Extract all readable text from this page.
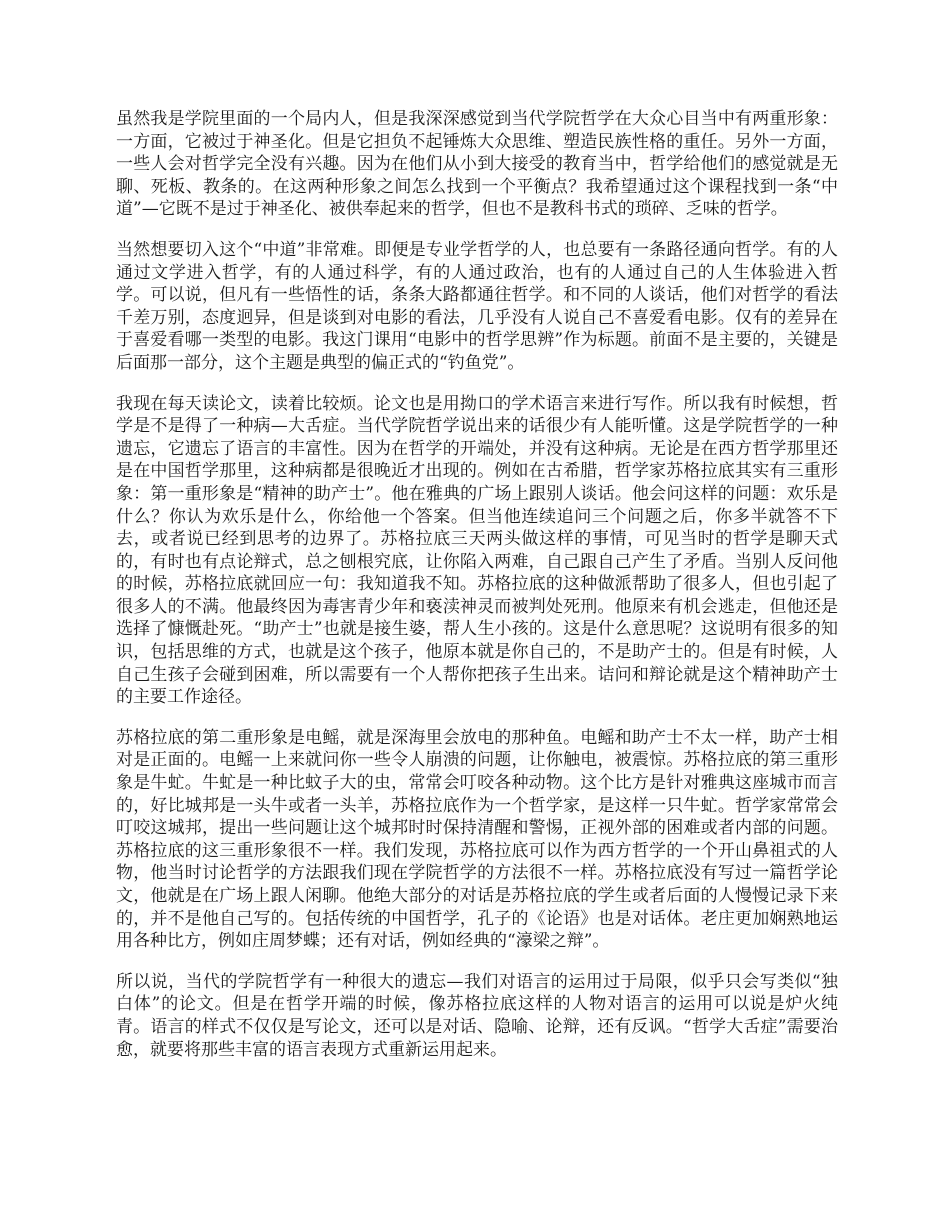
虽然我是学院里面的一个局内人，但是我深深感觉到当代学院哲学在大众心目当中有两重形象：一方面，它被过于神圣化。但是它担负不起锤炼大众思维、塑造民族性格的重任。另外一方面，一些人会对哲学完全没有兴趣。因为在他们从小到大接受的教育当中，哲学给他们的感觉就是无聊、死板、教条的。在这两种形象之间怎么找到一个平衡点？我希望通过这个课程找到一条“中道”—它既不是过于神圣化、被供奉起来的哲学，但也不是教科书式的琐碎、乏味的哲学。

当然想要切入这个“中道”非常难。即便是专业学哲学的人，也总要有一条路径通向哲学。有的人通过文学进入哲学，有的人通过科学，有的人通过政治，也有的人通过自己的人生体验进入哲学。可以说，但凡有一些悟性的话，条条大路都通往哲学。和不同的人谈话，他们对哲学的看法千差万别，态度迥异，但是谈到对电影的看法，几乎没有人说自己不喜爱看电影。仅有的差异在于喜爱看哪一类型的电影。我这门课用“电影中的哲学思辨”作为标题。前面不是主要的，关键是后面那一部分，这个主题是典型的偏正式的“钓鱼党”。

我现在每天读论文，读着比较烦。论文也是用拗口的学术语言来进行写作。所以我有时候想，哲学是不是得了一种病—大舌症。当代学院哲学说出来的话很少有人能听懂。这是学院哲学的一种遗忘，它遗忘了语言的丰富性。因为在哲学的开端处，并没有这种病。无论是在西方哲学那里还是在中国哲学那里，这种病都是很晚近才出现的。例如在古希腊，哲学家苏格拉底其实有三重形象：第一重形象是“精神的助产士”。他在雅典的广场上跟别人谈话。他会问这样的问题：欢乐是什么？你认为欢乐是什么，你给他一个答案。但当他连续追问三个问题之后，你多半就答不下去，或者说已经到思考的边界了。苏格拉底三天两头做这样的事情，可见当时的哲学是聊天式的，有时也有点论辩式，总之刨根究底，让你陷入两难，自己跟自己产生了矛盾。当别人反问他的时候，苏格拉底就回应一句：我知道我不知。苏格拉底的这种做派帮助了很多人，但也引起了很多人的不满。他最终因为毒害青少年和亵渎神灵而被判处死刑。他原来有机会逃走，但他还是选择了慷慨赴死。“助产士”也就是接生婆，帮人生小孩的。这是什么意思呢？这说明有很多的知识，包括思维的方式，也就是这个孩子，他原本就是你自己的，不是助产士的。但是有时候，人自己生孩子会碰到困难，所以需要有一个人帮你把孩子生出来。诘问和辩论就是这个精神助产士的主要工作途径。

苏格拉底的第二重形象是电鳐，就是深海里会放电的那种鱼。电鳐和助产士不太一样，助产士相对是正面的。电鳐一上来就问你一些令人崩溃的问题，让你触电，被震惊。苏格拉底的第三重形象是牛虻。牛虻是一种比蚊子大的虫，常常会叮咬各种动物。这个比方是针对雅典这座城市而言的，好比城邦是一头牛或者一头羊，苏格拉底作为一个哲学家，是这样一只牛虻。哲学家常常会叮咬这城邦，提出一些问题让这个城邦时时保持清醒和警惕，正视外部的困难或者内部的问题。苏格拉底的这三重形象很不一样。我们发现，苏格拉底可以作为西方哲学的一个开山鼻祖式的人物，他当时讨论哲学的方法跟我们现在学院哲学的方法很不一样。苏格拉底没有写过一篇哲学论文，他就是在广场上跟人闲聊。他绝大部分的对话是苏格拉底的学生或者后面的人慢慢记录下来的，并不是他自己写的。包括传统的中国哲学，孔子的《论语》也是对话体。老庄更加娴熟地运用各种比方，例如庄周梦蝶；还有对话，例如经典的“濠梁之辩”。

所以说，当代的学院哲学有一种很大的遗忘—我们对语言的运用过于局限，似乎只会写类似“独白体”的论文。但是在哲学开端的时候，像苏格拉底这样的人物对语言的运用可以说是炉火纯青。语言的样式不仅仅是写论文，还可以是对话、隐喻、论辩，还有反讽。“哲学大舌症”需要治愈，就要将那些丰富的语言表现方式重新运用起来。
